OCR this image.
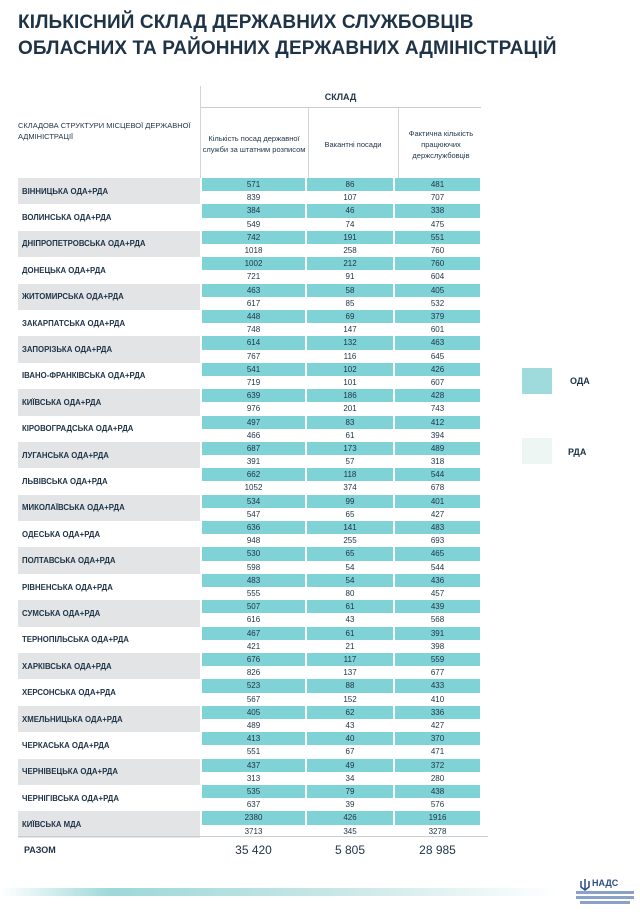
КІЛЬКІСНИЙ СКЛАД ДЕРЖАВНИХ СЛУЖБОВЦІВ
ОБЛАСНИХ ТА РАЙОННИХ ДЕРЖАВНИХ АДМІНІСТРАЦІЙ
СКЛАД
СКЛАДОВА СТРУКТУРИ МІСЦЕВОЇ ДЕРЖАВНОЇ АДМІНІСТРАЦІЇ	Кількість посад державної служби за штатним розписом
Вакантні посади
Фактична кількість працюючих держслужбовців
ВІННИЦЬКА ОДА+РДА
571	86	481
839	107	707
ВОЛИНСЬКА ОДА+РДА
384	46	338
549	74	475
ДНІПРОПЕТРОВСЬКА ОДА+РДА
742	191	551
1018	258	760
ДОНЕЦЬКА ОДА+РДА
1002	212	760
721	91	604
ЖИТОМИРСЬКА ОДА+РДА
463	58	405
617	85	532
ЗАКАРПАТСЬКА ОДА+РДА
448	69	379
748	147	601
ЗАПОРІЗЬКА ОДА+РДА
614	132	463
767	116	645
ІВАНО-ФРАНКІВСЬКА ОДА+РДА
541	102	426
719	101	607
КИЇВСЬКА ОДА+РДА
639	186	428
976	201	743
КІРОВОГРАДСЬКА ОДА+РДА
497	83	412
466	61	394
ЛУГАНСЬКА ОДА+РДА
687	173	489
391	57	318
ЛЬВІВСЬКА ОДА+РДА
662	118	544
1052	374	678
МИКОЛАЇВСЬКА ОДА+РДА
534	99	401
547	65	427
ОДЕСЬКА ОДА+РДА
636	141	483
948	255	693
ПОЛТАВСЬКА ОДА+РДА
530	65	465
598	54	544
РІВНЕНСЬКА ОДА+РДА
483	54	436
555	80	457
СУМСЬКА ОДА+РДА
507	61	439
616	43	568
ТЕРНОПІЛЬСЬКА ОДА+РДА
467	61	391
421	21	398
ХАРКІВСЬКА ОДА+РДА
676	117	559
826	137	677
ХЕРСОНСЬКА ОДА+РДА
523	88	433
567	152	410
ХМЕЛЬНИЦЬКА ОДА+РДА
405	62	336
489	43	427
ЧЕРКАСЬКА ОДА+РДА
413	40	370
551	67	471
ЧЕРНІВЕЦЬКА ОДА+РДА
437	49	372
313	34	280
ЧЕРНІГІВСЬКА ОДА+РДА
535	79	438
637	39	576
КИЇВСЬКА МДА
2380	426	1916
3713	345	3278
РАЗОМ	35 420	5 805	28 985
ОДА
РДА
НАДС
